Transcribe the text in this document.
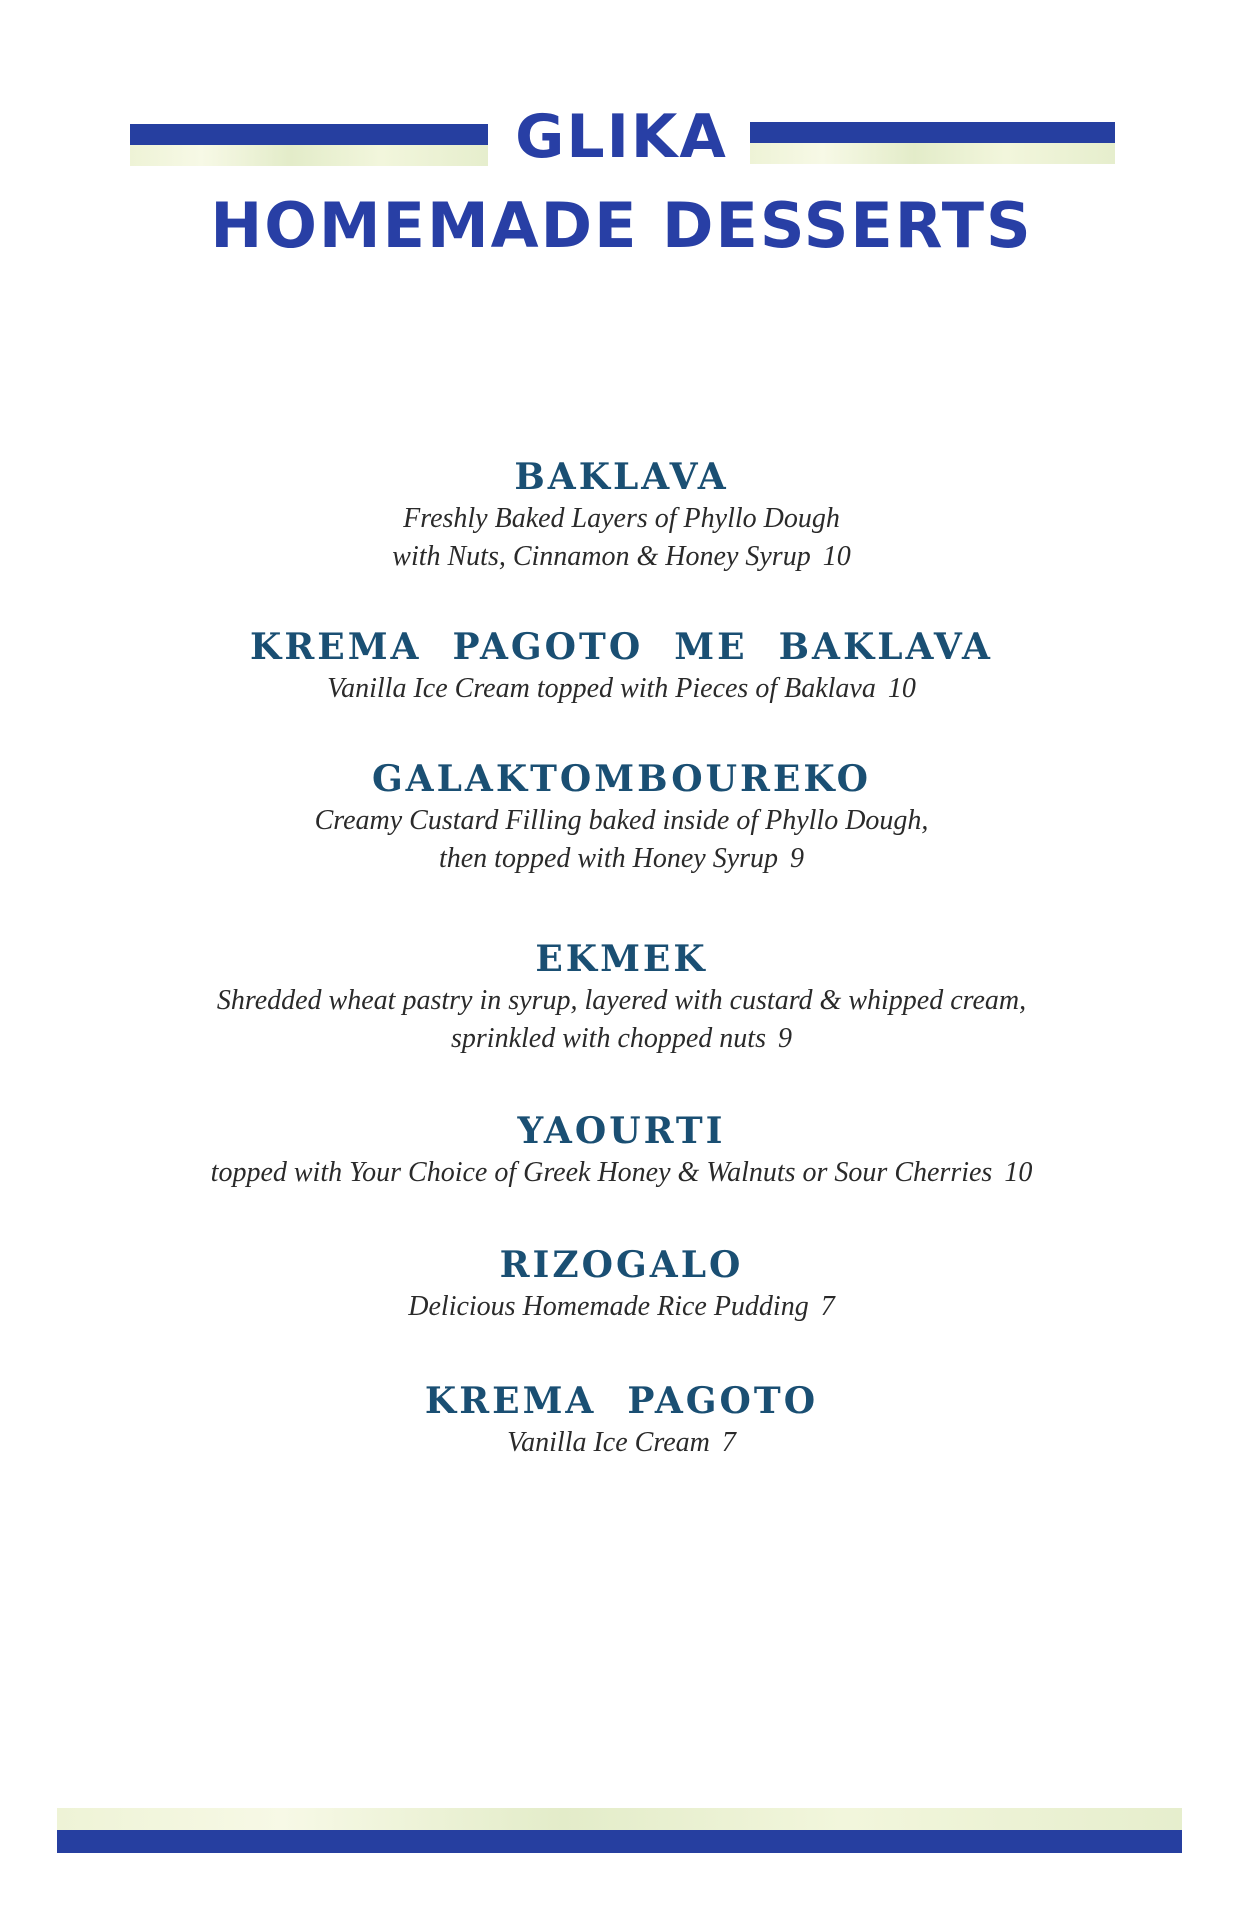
GLIKA
HOMEMADE DESSERTS
BAKLAVA
Freshly Baked Layers of Phyllo Dough
with Nuts, Cinnamon & Honey Syrup 10
KREMA  PAGOTO  ME  BAKLAVA
Vanilla Ice Cream topped with Pieces of Baklava 10
GALAKTOMBOUREKO
Creamy Custard Filling baked inside of Phyllo Dough,
then topped with Honey Syrup 9
EKMEK
Shredded wheat pastry in syrup, layered with custard & whipped cream,
sprinkled with chopped nuts 9
YAOURTI
topped with Your Choice of Greek Honey & Walnuts or Sour Cherries 10
RIZOGALO
Delicious Homemade Rice Pudding 7
KREMA  PAGOTO
Vanilla Ice Cream 7
